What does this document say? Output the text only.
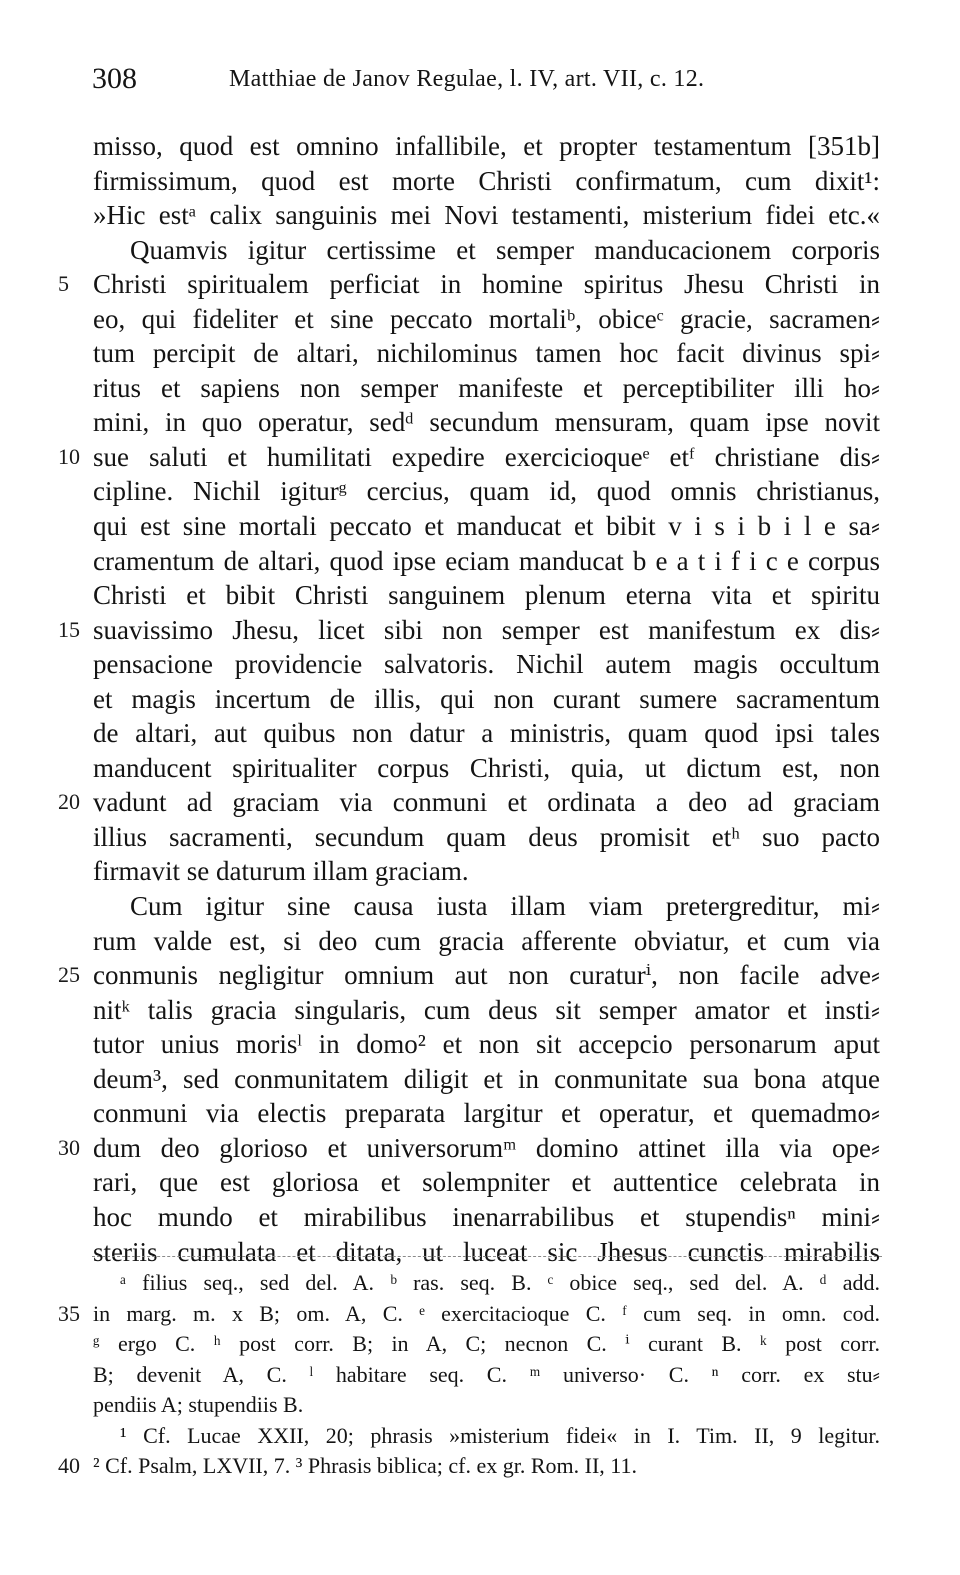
308	Matthiae de Janov Regulae, l. IV, art. VII, c. 12.
misso, quod est omnino infallibile, et propter testamentum [351b]
firmissimum, quod est morte Christi confirmatum, cum dixit¹:
»Hic estᵃ calix sanguinis mei Novi testamenti, misterium fidei etc.«
Quamvis igitur certissime et semper manducacionem corporis
5 Christi spiritualem perficiat in homine spiritus Jhesu Christi in
eo, qui fideliter et sine peccato mortaliᵇ, obiceᶜ gracie, sacramen⸗
tum percipit de altari, nichilominus tamen hoc facit divinus spi⸗
ritus et sapiens non semper manifeste et perceptibiliter illi ho⸗
mini, in quo operatur, sedᵈ secundum mensuram, quam ipse novit
10 sue saluti et humilitati expedire exercicioqueᵉ etᶠ christiane dis⸗
cipline. Nichil igiturᵍ cercius, quam id, quod omnis christianus,
qui est sine mortali peccato et manducat et bibit v i s i b i l e sa⸗
cramentum de altari, quod ipse eciam manducat b e a t i f i c e corpus
Christi et bibit Christi sanguinem plenum eterna vita et spiritu
15 suavissimo Jhesu, licet sibi non semper est manifestum ex dis⸗
pensacione providencie salvatoris. Nichil autem magis occultum
et magis incertum de illis, qui non curant sumere sacramentum
de altari, aut quibus non datur a ministris, quam quod ipsi tales
manducent spiritualiter corpus Christi, quia, ut dictum est, non
20 vadunt ad graciam via conmuni et ordinata a deo ad graciam
illius sacramenti, secundum quam deus promisit etʰ suo pacto
firmavit se daturum illam graciam.
Cum igitur sine causa iusta illam viam pretergreditur, mi⸗
rum valde est, si deo cum gracia afferente obviatur, et cum via
25 conmunis negligitur omnium aut non curaturⁱ, non facile adve⸗
nitᵏ talis gracia singularis, cum deus sit semper amator et insti⸗
tutor unius morisˡ in domo² et non sit accepcio personarum aput
deum³, sed conmunitatem diligit et in conmunitate sua bona atque
conmuni via electis preparata largitur et operatur, et quemadmo⸗
30 dum deo glorioso et universorumᵐ domino attinet illa via ope⸗
rari, que est gloriosa et solempniter et auttentice celebrata in
hoc mundo et mirabilibus inenarrabilibus et stupendisⁿ mini⸗
steriis cumulata et ditata, ut luceat sic Jhesus cunctis mirabilis
ᵃ filius seq., sed del. A. ᵇ ras. seq. B. ᶜ obice seq., sed del. A. ᵈ add.
35 in marg. m. x B; om. A, C. ᵉ exercitacioque C. ᶠ cum seq. in omn. cod.
ᵍ ergo C. ʰ post corr. B; in A, C; necnon C. ⁱ curant B. ᵏ post corr.
B; devenit A, C. ˡ habitare seq. C. ᵐ universo· C. ⁿ corr. ex stu⸗
pendiis A; stupendiis B.
¹ Cf. Lucae XXII, 20; phrasis »misterium fidei« in I. Tim. II, 9 legitur.
40 ² Cf. Psalm, LXVII, 7. ³ Phrasis biblica; cf. ex gr. Rom. II, 11.
